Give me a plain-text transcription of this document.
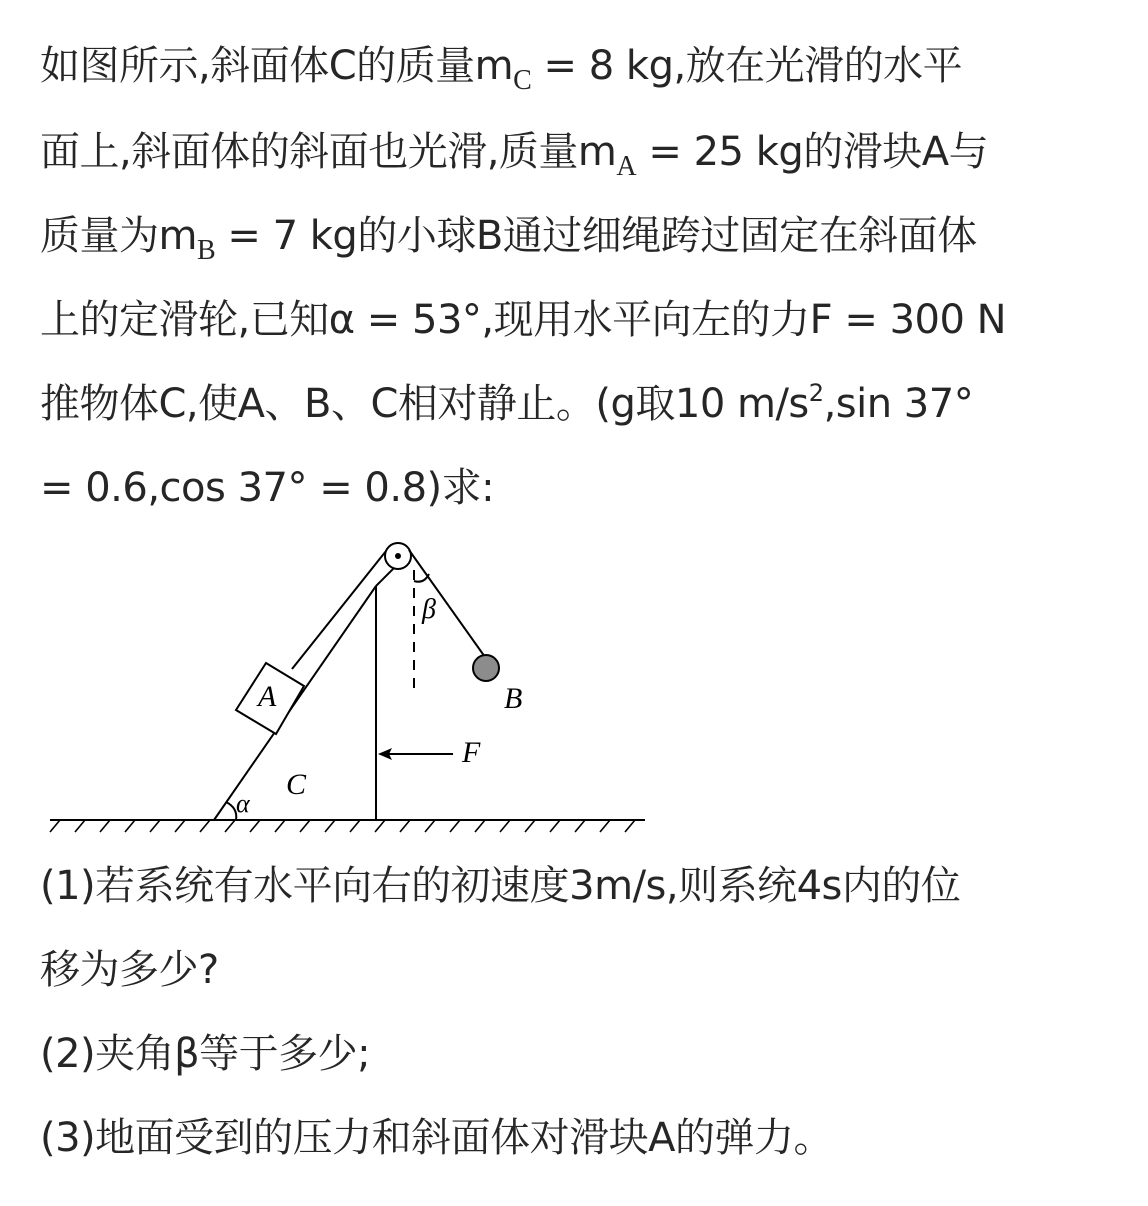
如图所示,斜面体C的质量$m_C = 8$ kg,放在光滑的水平
面上,斜面体的斜面也光滑,质量$m_A = 25$ kg的滑块A与
质量为$m_B = 7$ kg的小球B通过细绳跨过固定在斜面体
上的定滑轮,已知α = 53°,现用水平向左的力F = 300 N
推物体C,使A、B、C相对静止。(g取10 $m/s^2,\sin$ 37°
= 0.6,cos 37° = 0.8)求:
A	B
C
F
α
β
(1)若系统有水平向右的初速度3m/s,则系统4s内的位
移为多少?
(2)夹角β等于多少;
(3)地面受到的压力和斜面体对滑块A的弹力。
